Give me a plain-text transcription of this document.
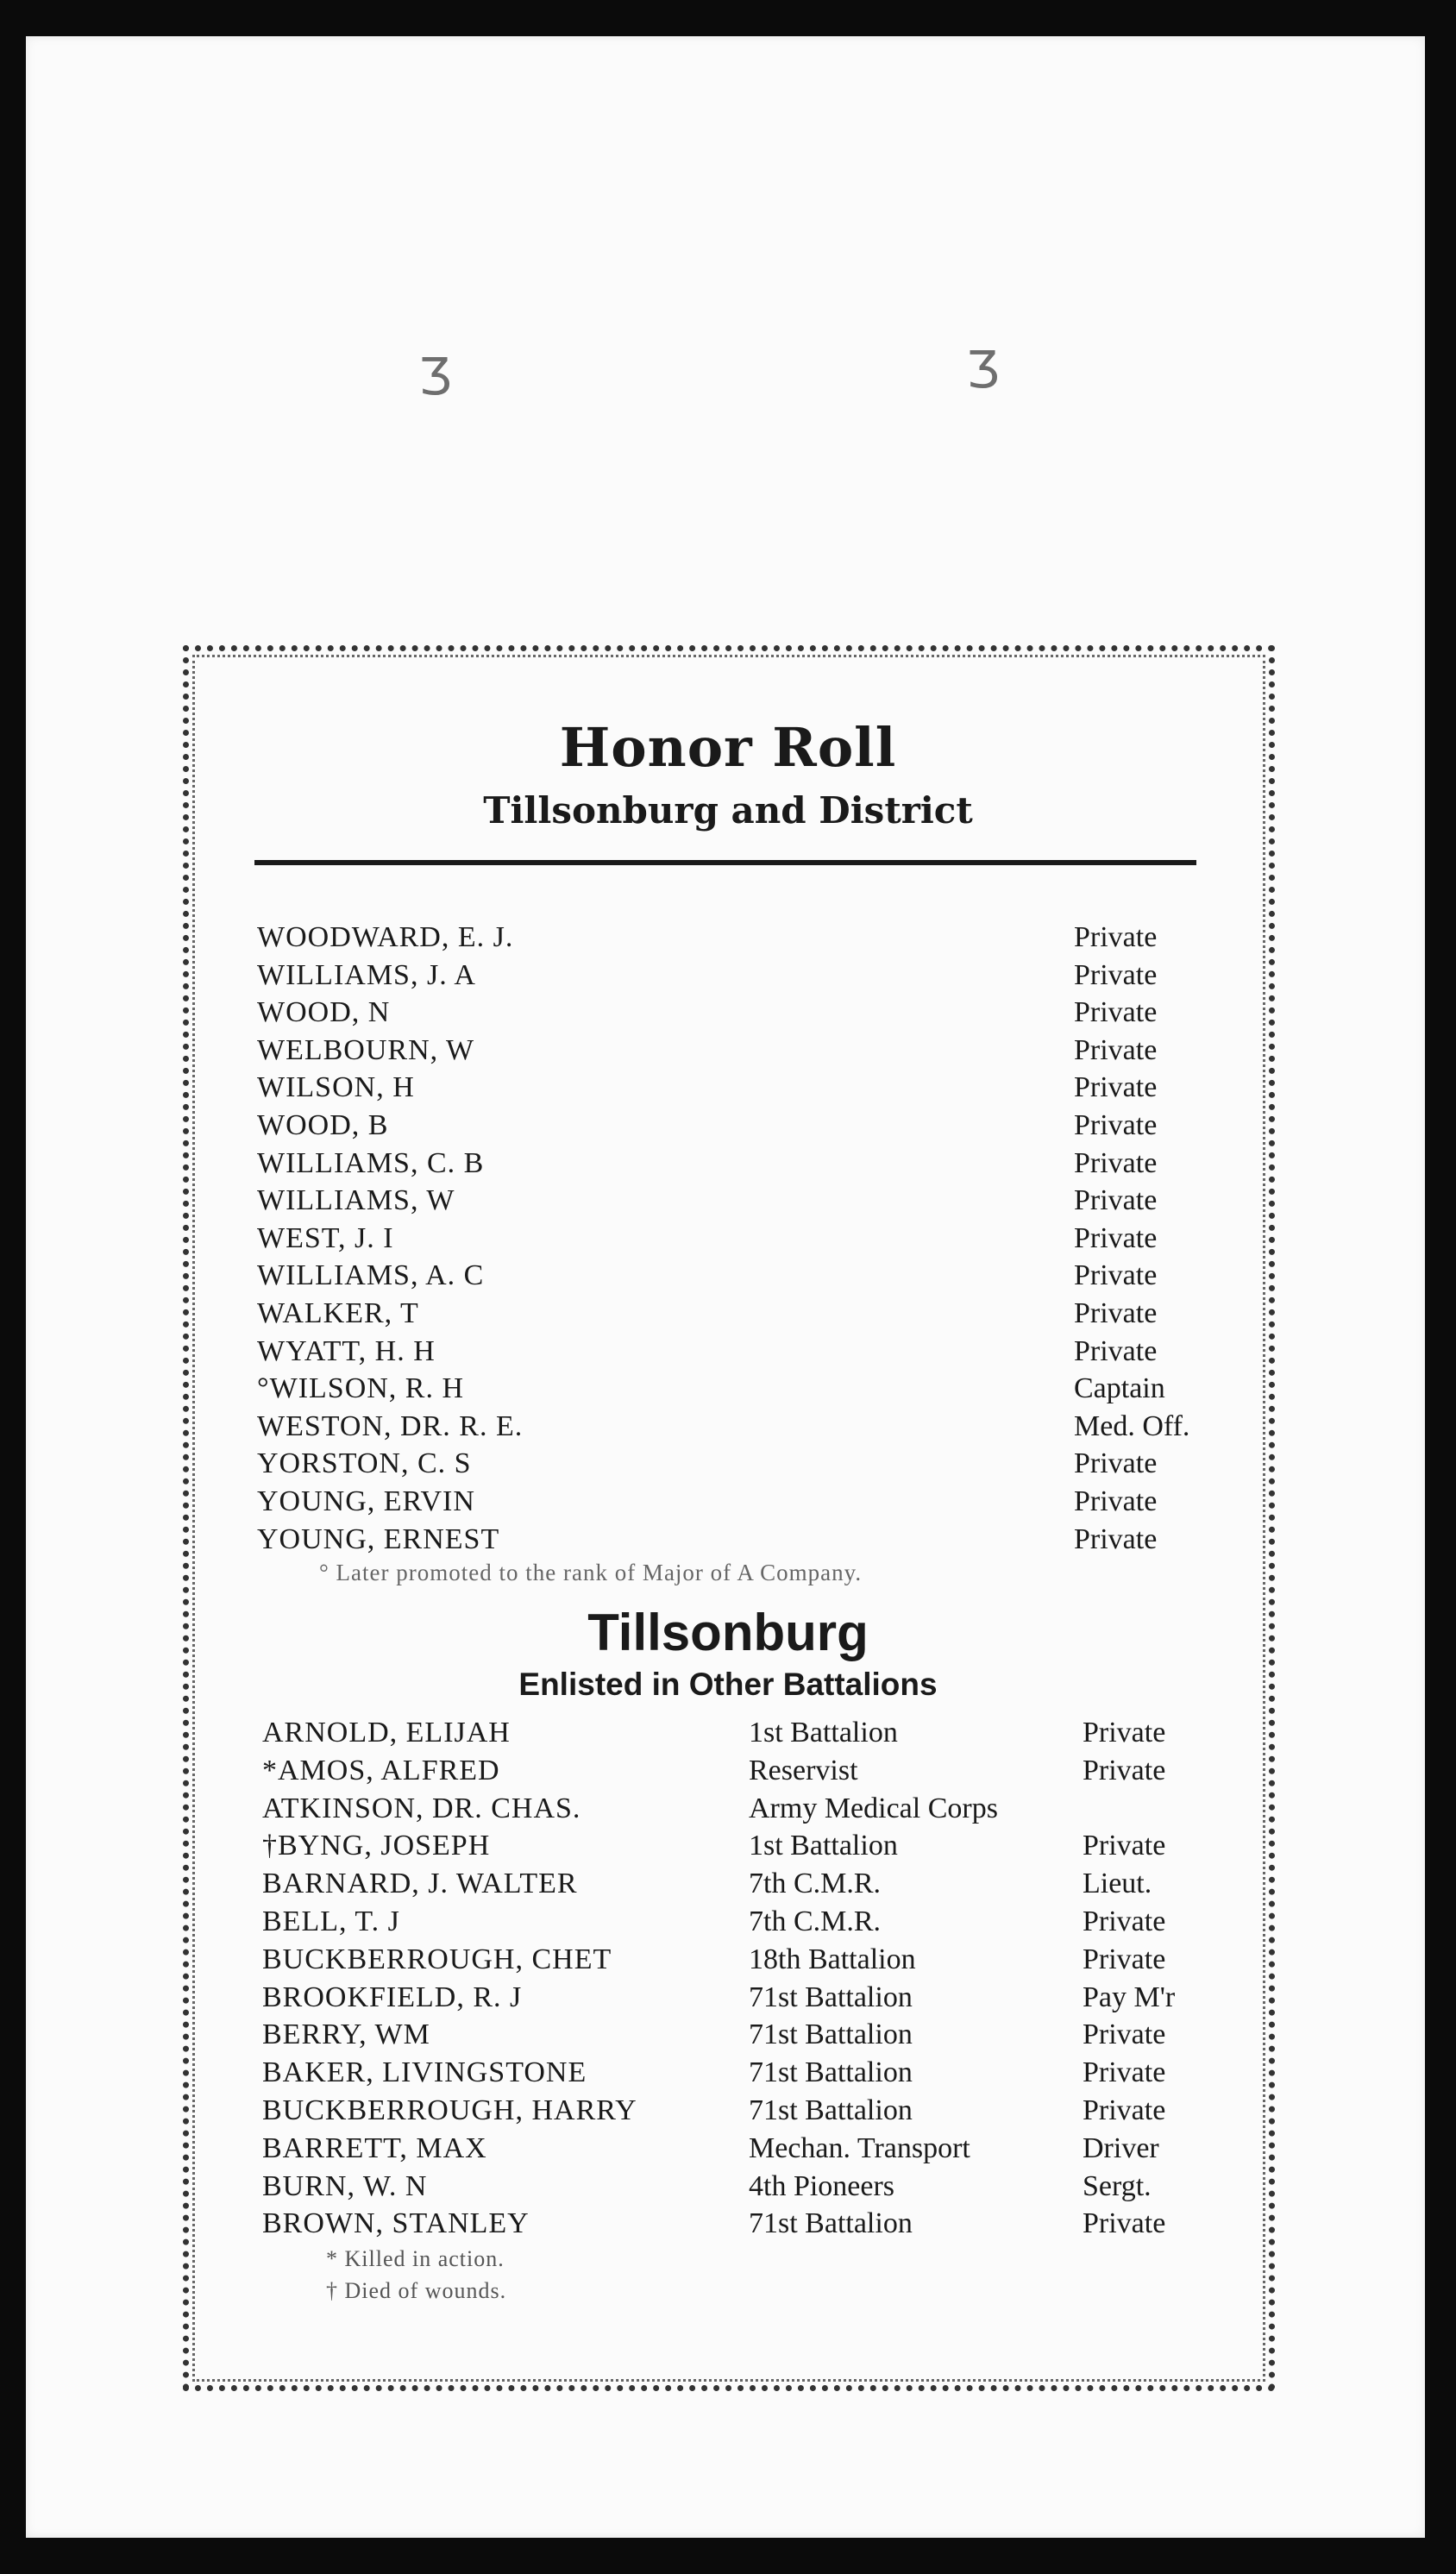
Ʒ	Ʒ
Honor Roll
Tillsonburg and District
WOODWARD, E. J.	Private
WILLIAMS, J. A	Private
WOOD, N	Private
WELBOURN, W	Private
WILSON, H	Private
WOOD, B	Private
WILLIAMS, C. B	Private
WILLIAMS, W	Private
WEST, J. I	Private
WILLIAMS, A. C	Private
WALKER, T	Private
WYATT, H. H	Private
°WILSON, R. H	Captain
WESTON, DR. R. E.	Med. Off.
YORSTON, C. S	Private
YOUNG, ERVIN	Private
YOUNG, ERNEST	Private
° Later promoted to the rank of Major of A Company.
Tillsonburg
Enlisted in Other Battalions
ARNOLD, ELIJAH	1st Battalion	Private
*AMOS, ALFRED	Reservist	Private
ATKINSON, DR. CHAS.	Army Medical Corps
†BYNG, JOSEPH	1st Battalion	Private
BARNARD, J. WALTER	7th C.M.R.	Lieut.
BELL, T. J	7th C.M.R.	Private
BUCKBERROUGH, CHET	18th Battalion	Private
BROOKFIELD, R. J	71st Battalion	Pay M'r
BERRY, WM	71st Battalion	Private
BAKER, LIVINGSTONE	71st Battalion	Private
BUCKBERROUGH, HARRY	71st Battalion	Private
BARRETT, MAX	Mechan. Transport	Driver
BURN, W. N	4th Pioneers	Sergt.
BROWN, STANLEY	71st Battalion	Private
* Killed in action.
† Died of wounds.
